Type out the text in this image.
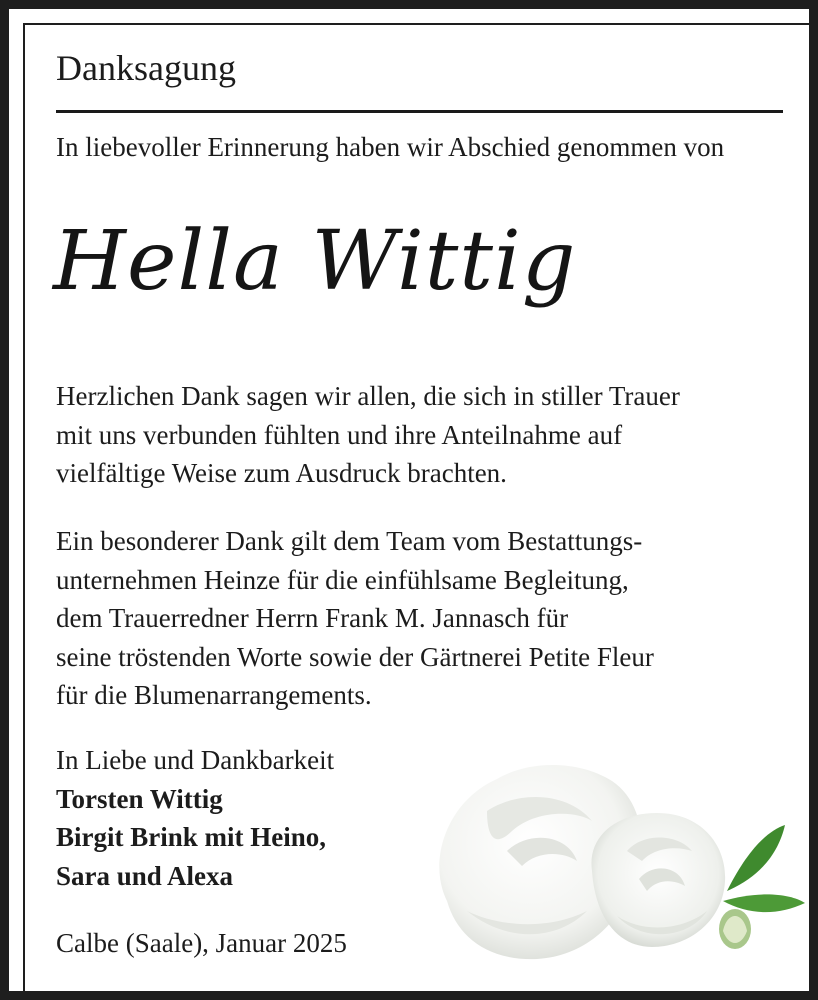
Danksagung
In liebevoller Erinnerung haben wir Abschied genommen von
Hella Wittig
Herzlichen Dank sagen wir allen, die sich in stiller Trauer
mit uns verbunden fühlten und ihre Anteilnahme auf
vielfältige Weise zum Ausdruck brachten.
Ein besonderer Dank gilt dem Team vom Bestattungs-
unternehmen Heinze für die einfühlsame Begleitung,
dem Trauerredner Herrn Frank M. Jannasch für
seine tröstenden Worte sowie der Gärtnerei Petite Fleur
für die Blumenarrangements.
In Liebe und Dankbarkeit
Torsten Wittig
Birgit Brink mit Heino,
Sara und Alexa
Calbe (Saale), Januar 2025
